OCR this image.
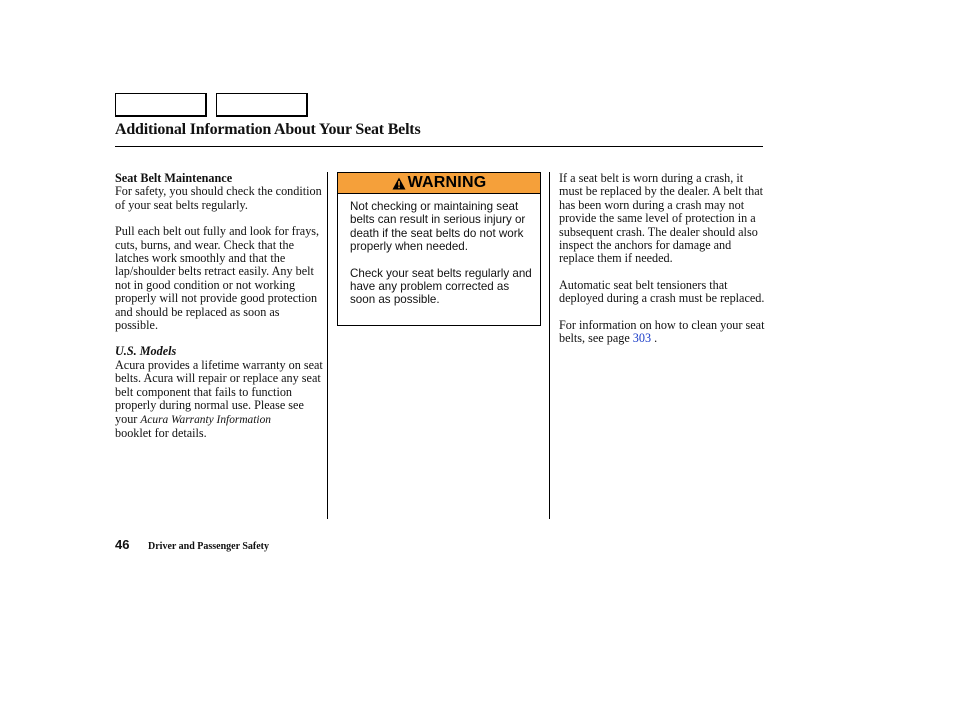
Additional Information About Your Seat Belts

Seat Belt Maintenance

For safety, you should check the condition of your seat belts regularly.

Pull each belt out fully and look for frays, cuts, burns, and wear. Check that the latches work smoothly and that the lap/shoulder belts retract easily. Any belt not in good condition or not working properly will not provide good protection and should be replaced as soon as possible.

U.S. Models

Acura provides a lifetime warranty on seat belts. Acura will repair or replace any seat belt component that fails to function properly during normal use. Please see your Acura Warranty Information
booklet for details.

WARNING

Not checking or maintaining seat belts can result in serious injury or death if the seat belts do not work properly when needed.

Check your seat belts regularly and have any problem corrected as soon as possible.

If a seat belt is worn during a crash, it must be replaced by the dealer. A belt that has been worn during a crash may not provide the same level of protection in a subsequent crash. The dealer should also inspect the anchors for damage and replace them if needed.

Automatic seat belt tensioners that deployed during a crash must be replaced.

For information on how to clean your seat belts, see page 303 .

46 Driver and Passenger Safety
